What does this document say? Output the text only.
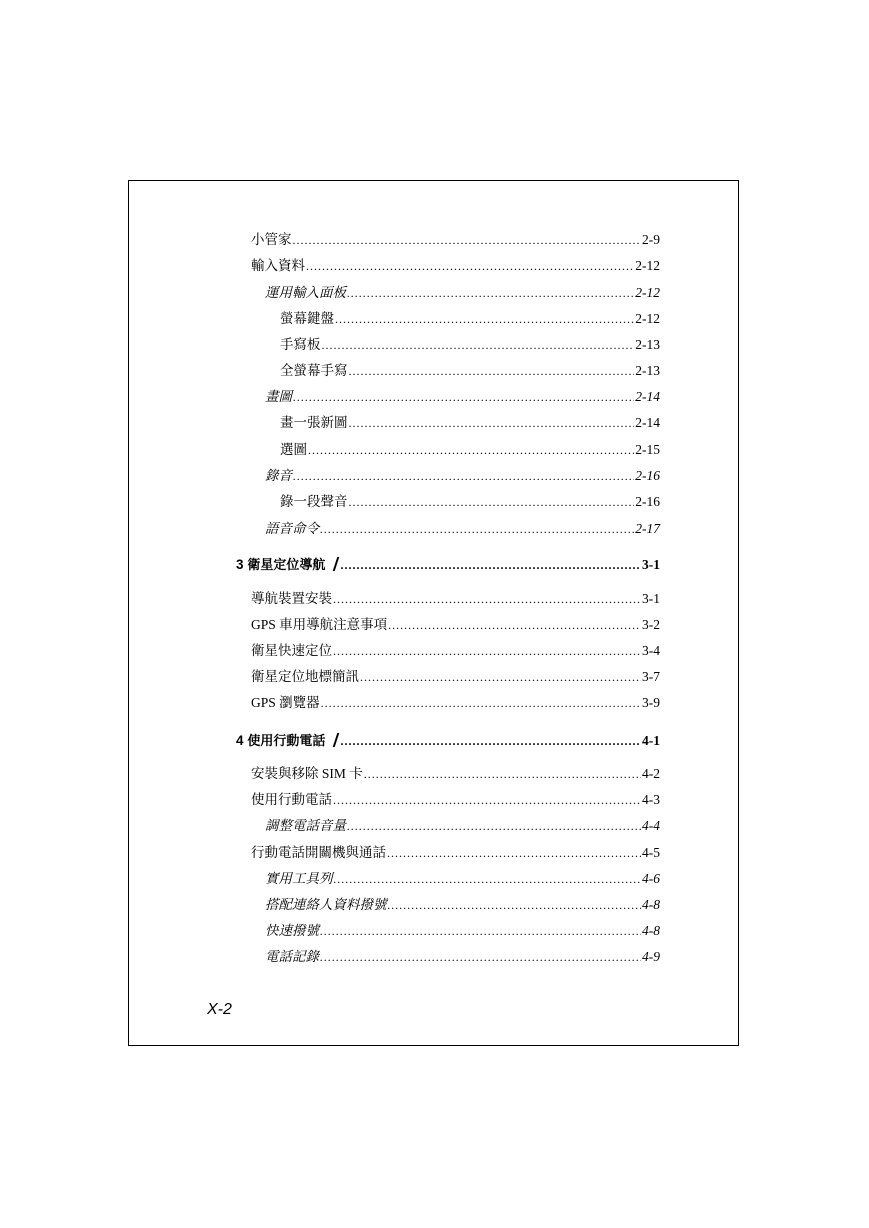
小管家 .....	2-9
輸入資料 .....	2-12
運用輸入面板 .....	2-12
螢幕鍵盤 .....	2-12
手寫板 .....	2-13
全螢幕手寫 .....	2-13
畫圖 .....	2-14
畫一張新圖 .....	2-14
選圖 .....	2-15
錄音 .....	2-16
錄一段聲音 .....	2-16
語音命令 .....	2-17
3 衛星定位導航 .....	3-1
導航裝置安裝 .....	3-1
GPS 車用導航注意事項 .....	3-2
衛星快速定位 .....	3-4
衛星定位地標簡訊 .....	3-7
GPS 瀏覽器 .....	3-9
4 使用行動電話 .....	4-1
安裝與移除 SIM 卡 .....	4-2
使用行動電話 .....	4-3
調整電話音量 .....	4-4
行動電話開關機與通話 .....	4-5
實用工具列 .....	4-6
搭配連絡人資料撥號 .....	4-8
快速撥號 .....	4-8
電話記錄 .....	4-9
X-2
